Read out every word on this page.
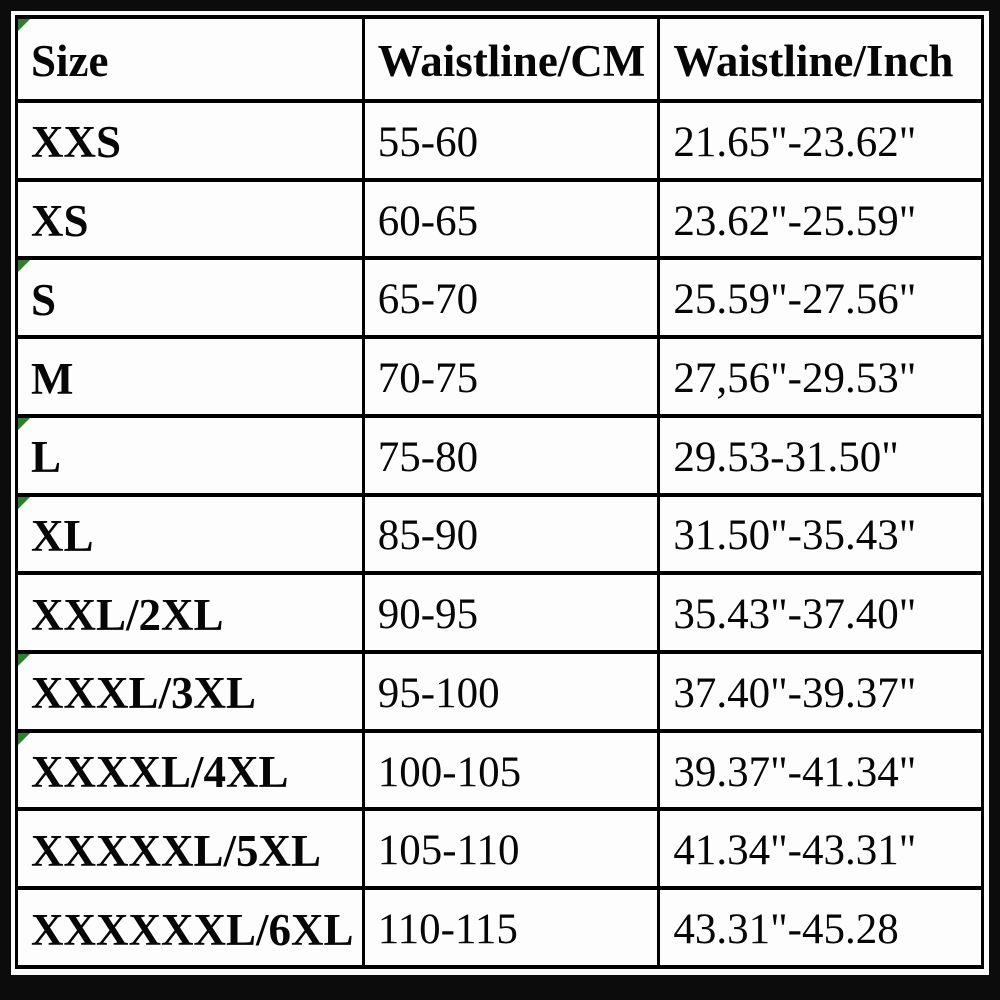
Size	Waistline/CM	Waistline/Inch
XXS	55-60	21.65"-23.62"
XS	60-65	23.62"-25.59"

S	65-70	25.59"-27.56"
M	70-75	27,56"-29.53"

L	75-80	29.53-31.50"

XL	85-90	31.50"-35.43"
XXL/2XL	90-95	35.43"-37.40"

XXXL/3XL	95-100	37.40"-39.37"

XXXXL/4XL	100-105	39.37"-41.34"
XXXXXL/5XL	105-110	41.34"-43.31"
XXXXXXL/6XL	110-115	43.31"-45.28
